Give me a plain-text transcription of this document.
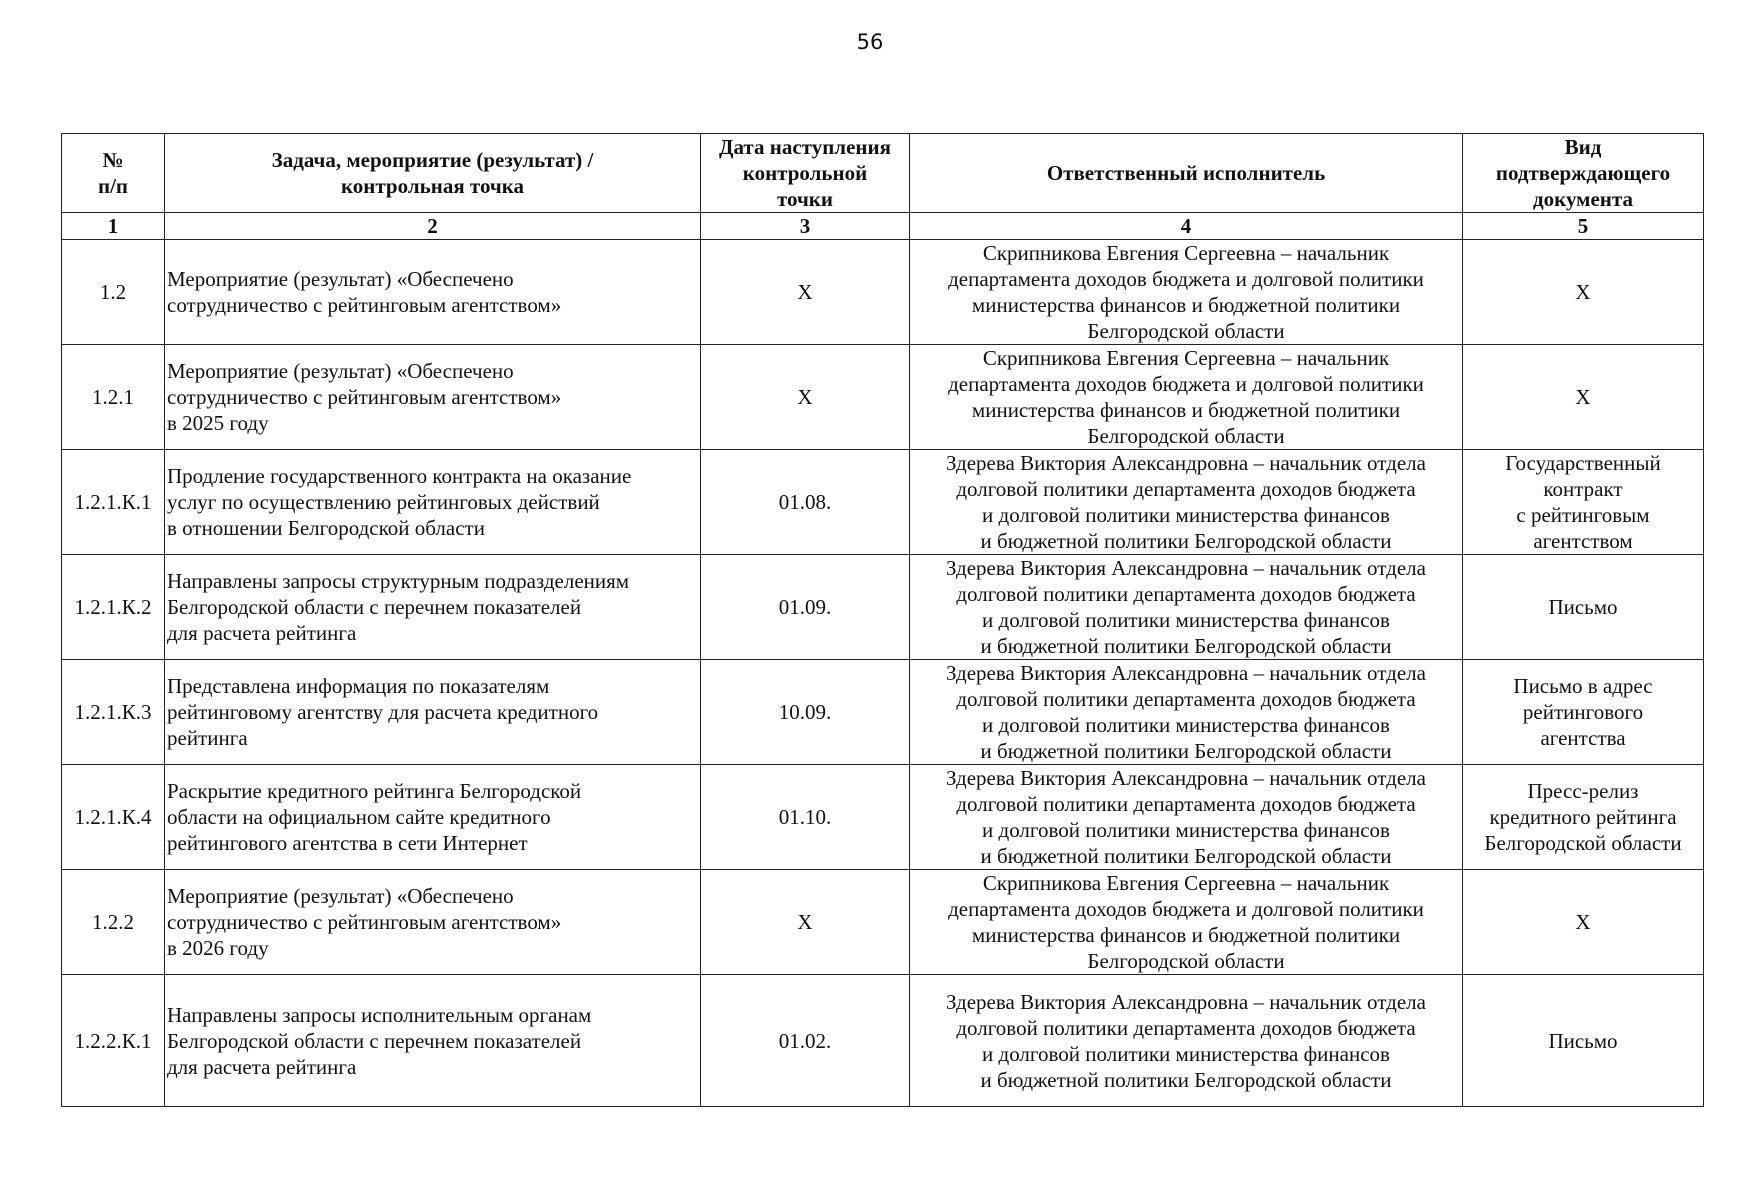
56
№
п/п	Задача, мероприятие (результат) /
контрольная точка	Дата наступления
контрольной
точки	Ответственный исполнитель	Вид
подтверждающего
документа
1	2	3	4	5
1.2	Мероприятие (результат) «Обеспечено
сотрудничество с рейтинговым агентством»	Х	Скрипникова Евгения Сергеевна – начальник
департамента доходов бюджета и долговой политики
министерства финансов и бюджетной политики
Белгородской области	Х
1.2.1	Мероприятие (результат) «Обеспечено
сотрудничество с рейтинговым агентством»
в 2025 году	Х	Скрипникова Евгения Сергеевна – начальник
департамента доходов бюджета и долговой политики
министерства финансов и бюджетной политики
Белгородской области	Х
1.2.1.К.1	Продление государственного контракта на оказание
услуг по осуществлению рейтинговых действий
в отношении Белгородской области	01.08.	Здерева Виктория Александровна – начальник отдела
долговой политики департамента доходов бюджета
и долговой политики министерства финансов
и бюджетной политики Белгородской области	Государственный
контракт
с рейтинговым
агентством
1.2.1.К.2	Направлены запросы структурным подразделениям
Белгородской области с перечнем показателей
для расчета рейтинга	01.09.	Здерева Виктория Александровна – начальник отдела
долговой политики департамента доходов бюджета
и долговой политики министерства финансов
и бюджетной политики Белгородской области	Письмо
1.2.1.К.3	Представлена информация по показателям
рейтинговому агентству для расчета кредитного
рейтинга	10.09.	Здерева Виктория Александровна – начальник отдела
долговой политики департамента доходов бюджета
и долговой политики министерства финансов
и бюджетной политики Белгородской области	Письмо в адрес
рейтингового
агентства
1.2.1.К.4	Раскрытие кредитного рейтинга Белгородской
области на официальном сайте кредитного
рейтингового агентства в сети Интернет	01.10.	Здерева Виктория Александровна – начальник отдела
долговой политики департамента доходов бюджета
и долговой политики министерства финансов
и бюджетной политики Белгородской области	Пресс-релиз
кредитного рейтинга
Белгородской области
1.2.2	Мероприятие (результат) «Обеспечено
сотрудничество с рейтинговым агентством»
в 2026 году	Х	Скрипникова Евгения Сергеевна – начальник
департамента доходов бюджета и долговой политики
министерства финансов и бюджетной политики
Белгородской области	Х
1.2.2.К.1	Направлены запросы исполнительным органам
Белгородской области с перечнем показателей
для расчета рейтинга	01.02.	Здерева Виктория Александровна – начальник отдела
долговой политики департамента доходов бюджета
и долговой политики министерства финансов
и бюджетной политики Белгородской области	Письмо
